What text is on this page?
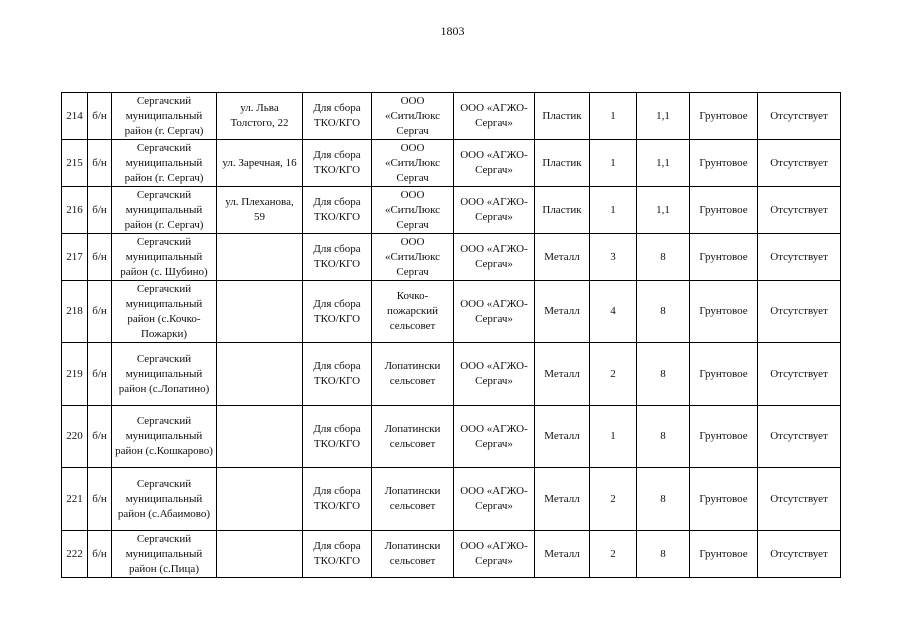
1803
214	б/н	Сергачский муниципальный район (г. Сергач)	ул. Льва Толстого, 22	Для сбора ТКО/КГО	ООО «СитиЛюкс Сергач	ООО «АГЖО-Сергач»	Пластик	1	1,1	Грунтовое	Отсутствует
215	б/н	Сергачский муниципальный район (г. Сергач)	ул. Заречная, 16	Для сбора ТКО/КГО	ООО «СитиЛюкс Сергач	ООО «АГЖО-Сергач»	Пластик	1	1,1	Грунтовое	Отсутствует
216	б/н	Сергачский муниципальный район (г. Сергач)	ул. Плеханова, 59	Для сбора ТКО/КГО	ООО «СитиЛюкс Сергач	ООО «АГЖО-Сергач»	Пластик	1	1,1	Грунтовое	Отсутствует
217	б/н	Сергачский муниципальный район (с. Шубино)		Для сбора ТКО/КГО	ООО «СитиЛюкс Сергач	ООО «АГЖО-Сергач»	Металл	3	8	Грунтовое	Отсутствует
218	б/н	Сергачский муниципальный район (с.Кочко-Пожарки)		Для сбора ТКО/КГО	Кочко-пожарский сельсовет	ООО «АГЖО-Сергач»	Металл	4	8	Грунтовое	Отсутствует
219	б/н	Сергачский муниципальный район (с.Лопатино)		Для сбора ТКО/КГО	Лопатински сельсовет	ООО «АГЖО-Сергач»	Металл	2	8	Грунтовое	Отсутствует
220	б/н	Сергачский муниципальный район (с.Кошкарово)		Для сбора ТКО/КГО	Лопатински сельсовет	ООО «АГЖО-Сергач»	Металл	1	8	Грунтовое	Отсутствует
221	б/н	Сергачский муниципальный район (с.Абаимово)		Для сбора ТКО/КГО	Лопатински сельсовет	ООО «АГЖО-Сергач»	Металл	2	8	Грунтовое	Отсутствует
222	б/н	Сергачский муниципальный район (с.Пица)		Для сбора ТКО/КГО	Лопатински сельсовет	ООО «АГЖО-Сергач»	Металл	2	8	Грунтовое	Отсутствует
